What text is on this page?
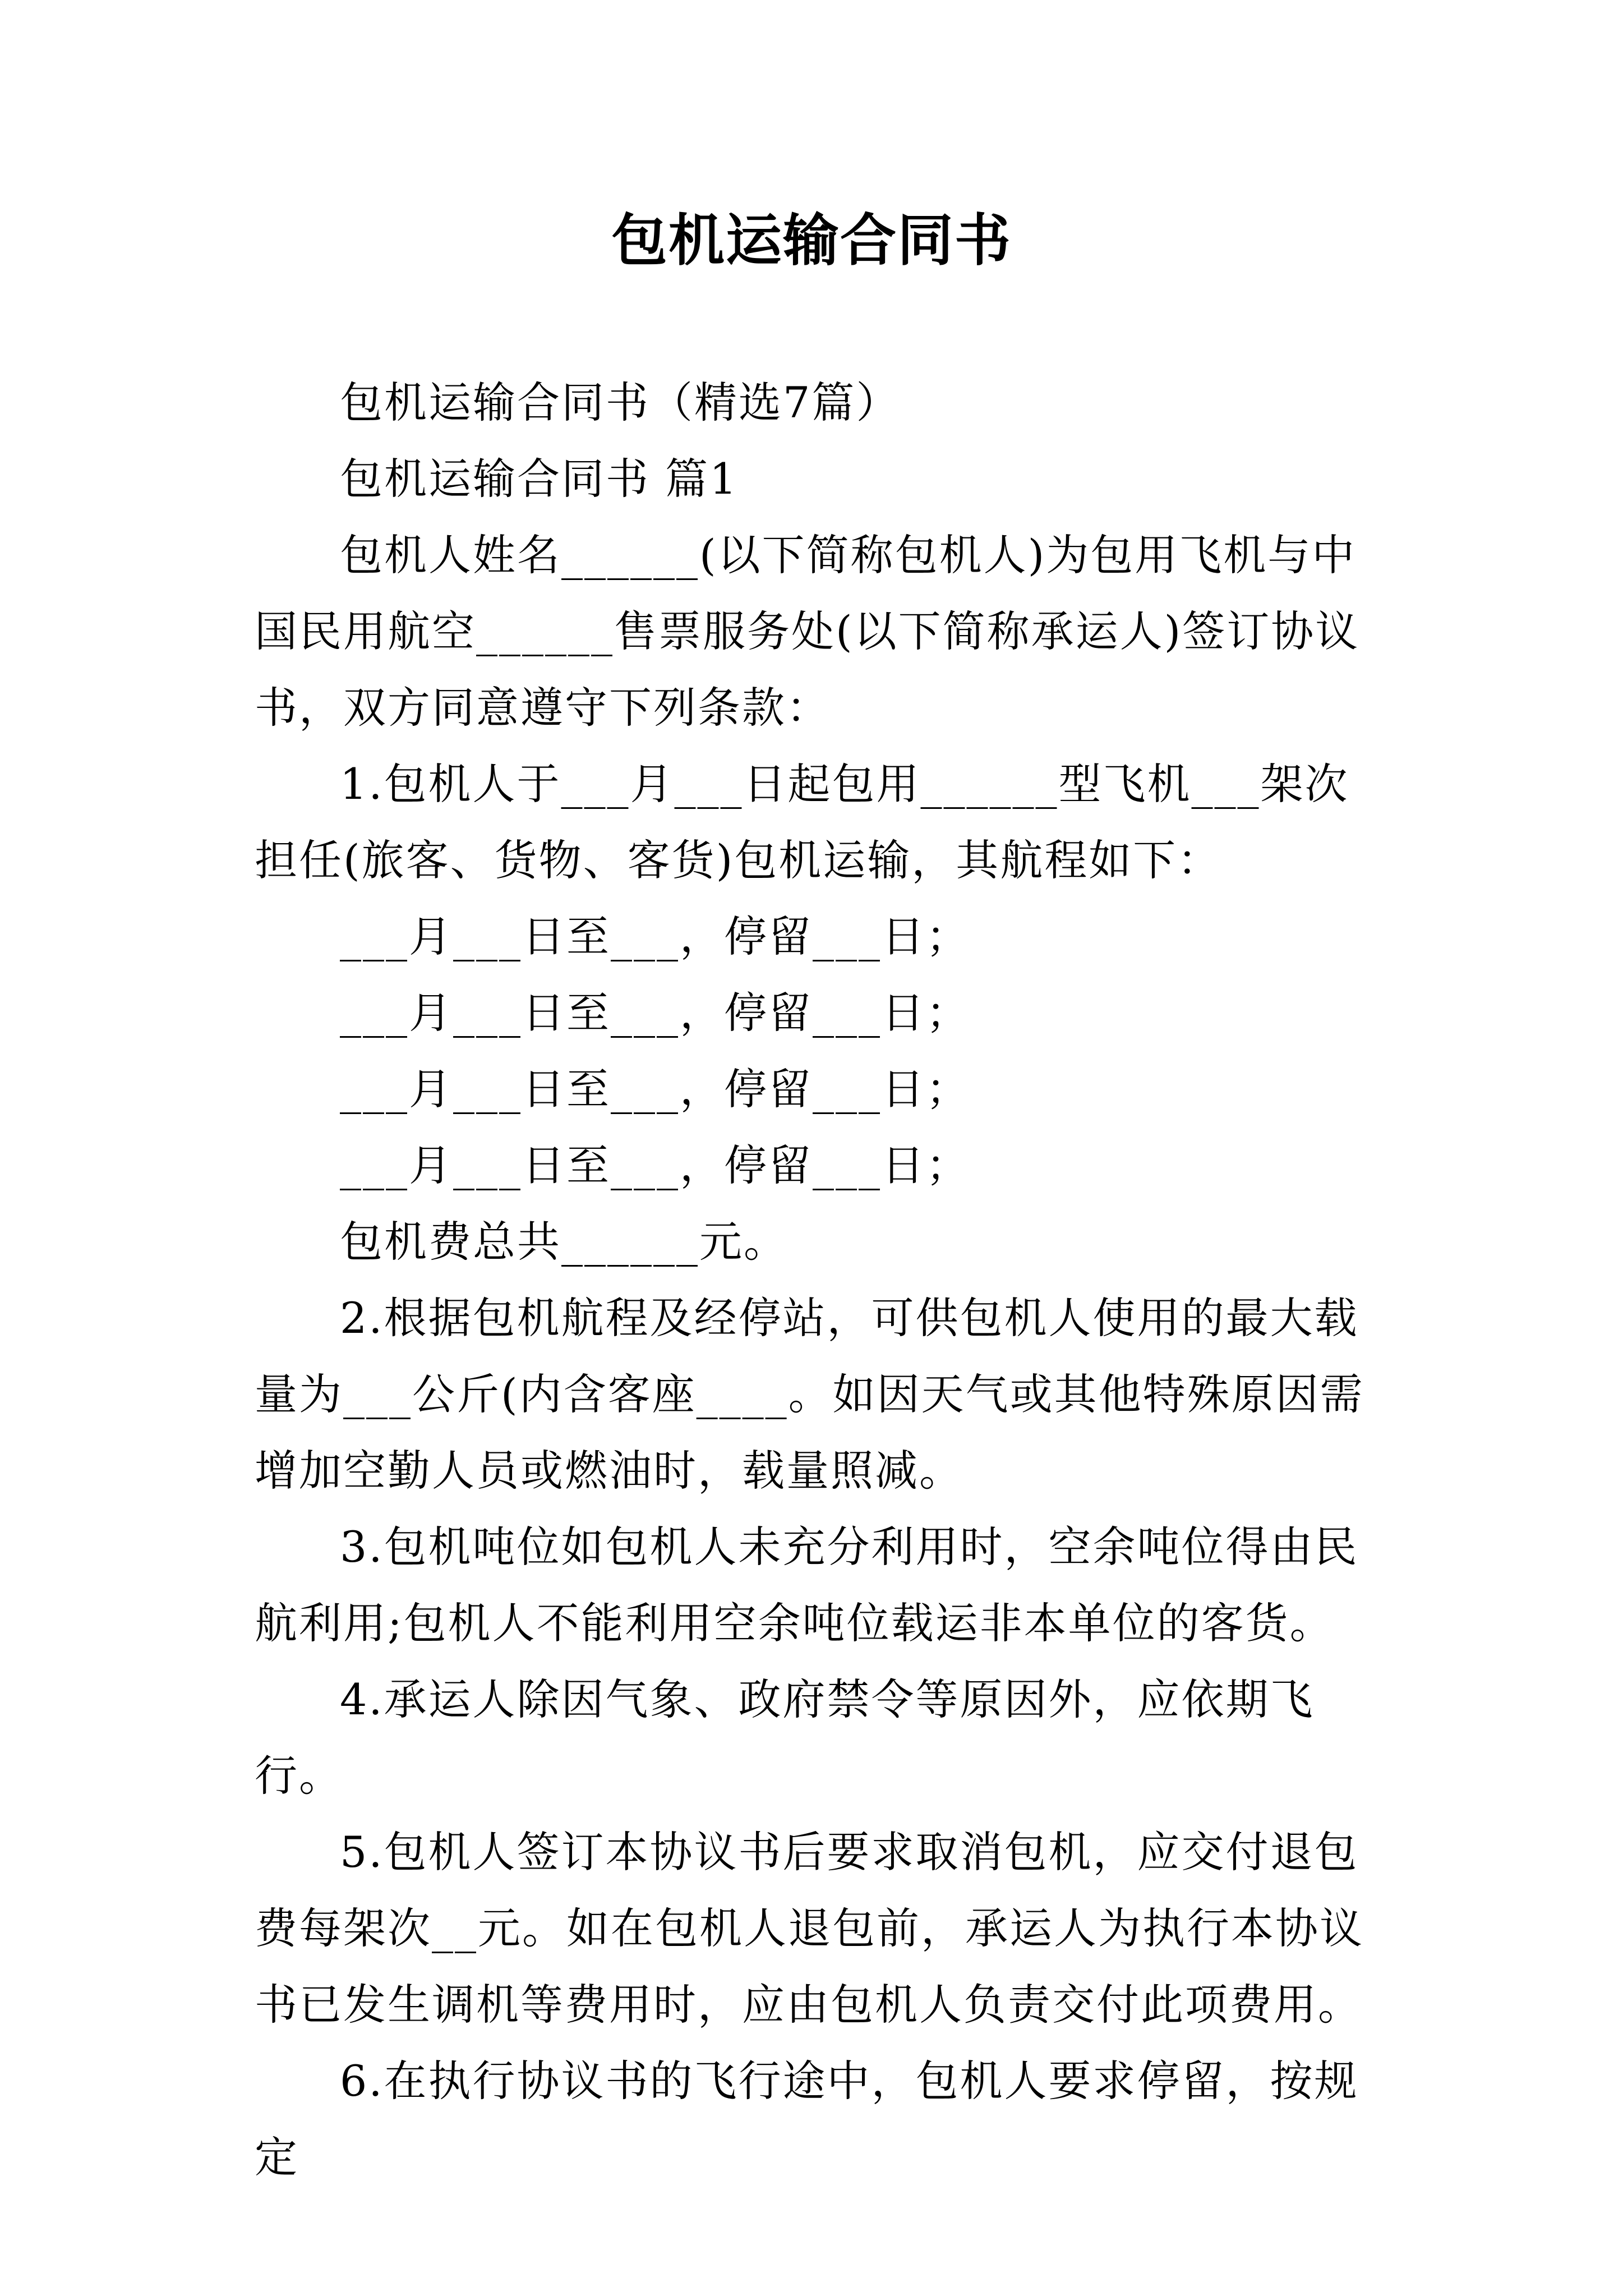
包机运输合同书

包机运输合同书（精选7篇）

包机运输合同书 篇1

包机人姓名______(以下简称包机人)为包用飞机与中国民用航空______售票服务处(以下简称承运人)签订协议书，双方同意遵守下列条款：

1.包机人于___月___日起包用______型飞机___架次担任(旅客、货物、客货)包机运输，其航程如下：

___月___日至___，停留___日；

___月___日至___，停留___日；

___月___日至___，停留___日；

___月___日至___，停留___日；

包机费总共______元。

2.根据包机航程及经停站，可供包机人使用的最大载量为___公斤(内含客座____。如因天气或其他特殊原因需增加空勤人员或燃油时，载量照减。

3.包机吨位如包机人未充分利用时，空余吨位得由民航利用;包机人不能利用空余吨位载运非本单位的客货。

4.承运人除因气象、政府禁令等原因外，应依期飞行。

5.包机人签订本协议书后要求取消包机，应交付退包费每架次__元。如在包机人退包前，承运人为执行本协议书已发生调机等费用时，应由包机人负责交付此项费用。

6.在执行协议书的飞行途中，包机人要求停留，按规定
